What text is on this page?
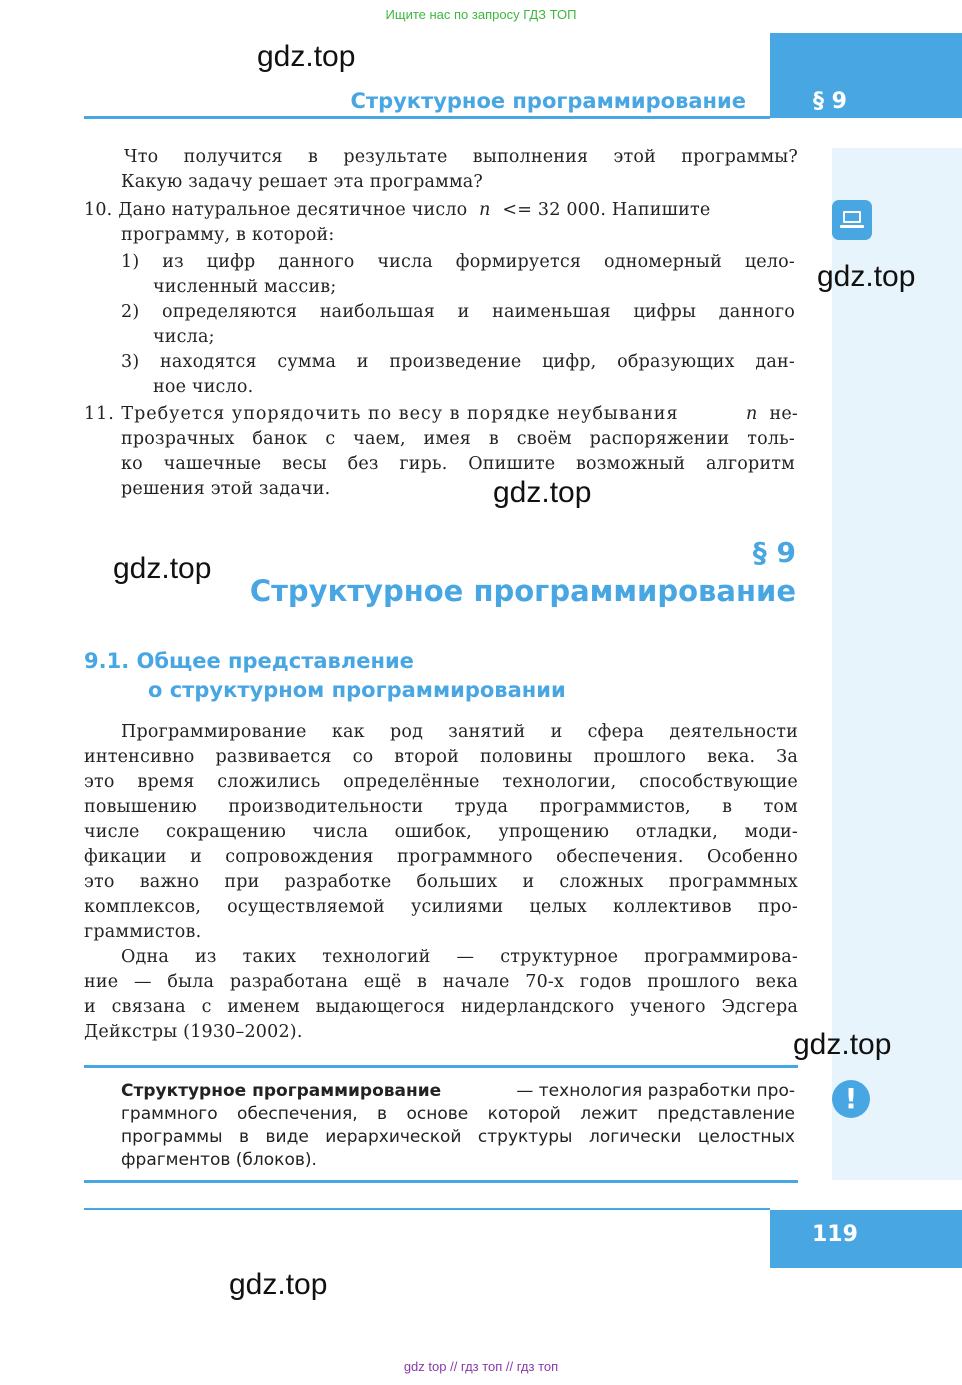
Ищите нас по запросу ГДЗ ТОП
Структурное программирование	§ 9
!
gdz.top
gdz.top
gdz.top
gdz.top
gdz.top
gdz.top
Что получится в результате выполнения этой программы?
Какую задачу решает эта программа?
10. Дано натуральное десятичное число n <= 32 000. Напишите
программу, в которой:
1) из цифр данного числа формируется одномерный цело-
численный массив;
2) определяются наибольшая и наименьшая цифры данного
числа;
3) находятся сумма и произведение цифр, образующих дан-
ное число.
11. Требуется упорядочить по весу в порядке неубывания	n не-
прозрачных банок с чаем, имея в своём распоряжении толь-
ко чашечные весы без гирь. Опишите возможный алгоритм
решения этой задачи.
§ 9
Структурное программирование
9.1. Общее представление
о структурном программировании
Программирование как род занятий и сфера деятельности
интенсивно развивается со второй половины прошлого века. За
это время сложились определённые технологии, способствующие
повышению производительности труда программистов, в том
числе сокращению числа ошибок, упрощению отладки, моди-
фикации и сопровождения программного обеспечения. Особенно
это важно при разработке больших и сложных программных
комплексов, осуществляемой усилиями целых коллективов про-
граммистов.
Одна из таких технологий — структурное программирова-
ние — была разработана ещё в начале 70-х годов прошлого века
и связана с именем выдающегося нидерландского ученого Эдсгера
Дейкстры (1930–2002).
Структурное программирование	— технология разработки про-
граммного обеспечения, в основе которой лежит представление
программы в виде иерархической структуры логически целостных
фрагментов (блоков).
119
gdz top // гдз топ // гдз топ
